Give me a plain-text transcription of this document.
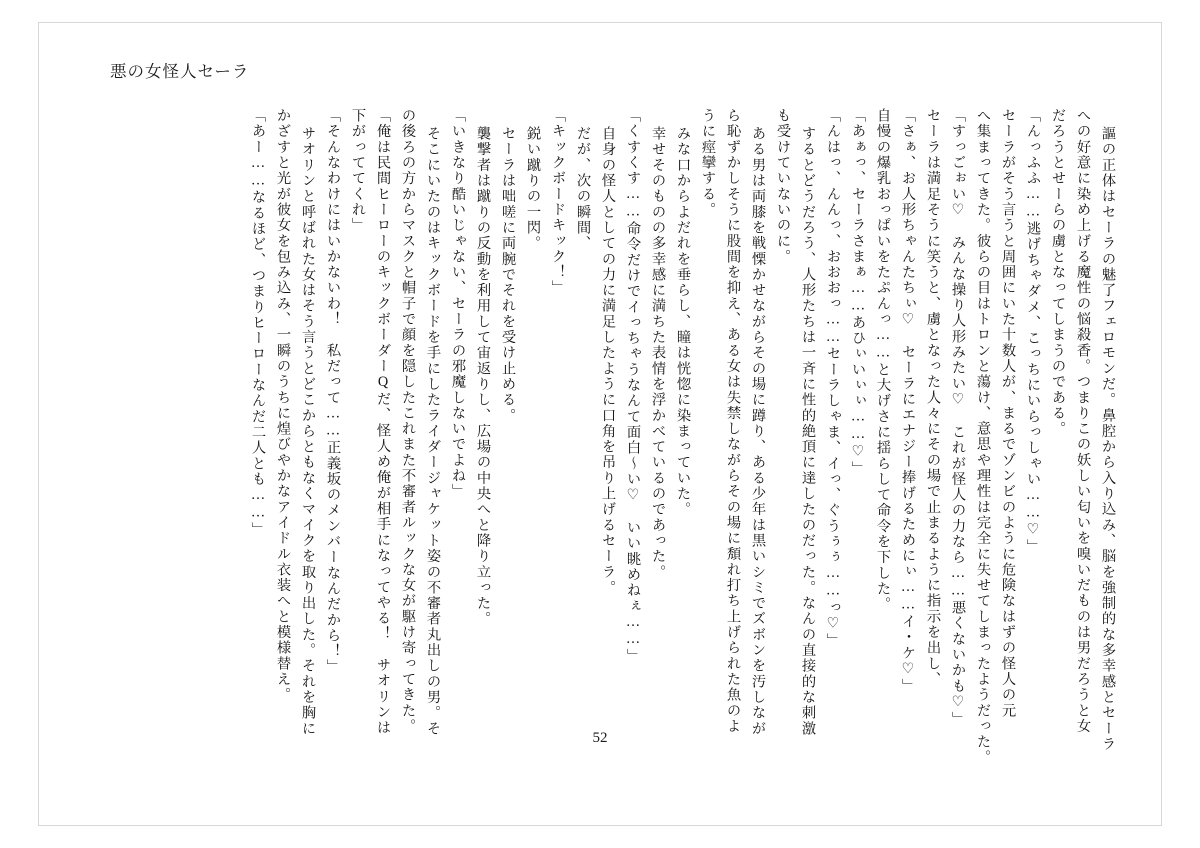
悪の女怪人セーラ
謳の正体はセーラの魅了フェロモンだ。鼻腔から入り込み、脳を強制的な多幸感とセーラ
への好意に染め上げる魔性の悩殺香。つまりこの妖しい匂いを嗅いだものは男だろうと女
だろうとせーらの虜となってしまうのである。
「んっふふ……逃げちゃダメ、こっちにいらっしゃい……♡」
セーラがそう言うと周囲にいた十数人が、まるでゾンビのように危険なはずの怪人の元
へ集まってきた。彼らの目はトロンと蕩け、意思や理性は完全に失せてしまったようだった。
「すっごぉい♡　みんな操り人形みたい♡　これが怪人の力なら……悪くないかも♡」
セーラは満足そうに笑うと、虜となった人々にその場で止まるように指示を出し、
「さぁ、お人形ちゃんたちぃ♡　セーラにエナジー捧げるためにぃ……イ・ケ♡」
自慢の爆乳おっぱいをたぷんっ……と大げさに揺らして命令を下した。
「あぁっ、セーラさまぁ……あひぃいぃぃ……♡」
「んはっ、んんっ、おおおっ……セーラしゃま、イっ、ぐうぅぅ……っ♡」
するとどうだろう、人形たちは一斉に性的絶頂に達したのだった。なんの直接的な刺激
も受けていないのに。
ある男は両膝を戦慄かせながらその場に蹲り、ある少年は黒いシミでズボンを汚しなが
ら恥ずかしそうに股間を抑え、ある女は失禁しながらその場に頽れ打ち上げられた魚のよ
うに痙攣する。
みな口からよだれを垂らし、瞳は恍惚に染まっていた。
幸せそのものの多幸感に満ちた表情を浮かべているのであった。
「くすくす……命令だけでイっちゃうなんて面白〜い♡　いい眺めねぇ……」
自身の怪人としての力に満足したように口角を吊り上げるセーラ。
だが、次の瞬間、
「キックボードキック！」
鋭い蹴りの一閃。
セーラは咄嗟に両腕でそれを受け止める。
襲撃者は蹴りの反動を利用して宙返りし、広場の中央へと降り立った。
「いきなり酷いじゃない、セーラの邪魔しないでよね」
そこにいたのはキックボードを手にしたライダージャケット姿の不審者丸出しの男。そ
の後ろの方からマスクと帽子で顔を隠したこれまた不審者ルックな女が駆け寄ってきた。
「俺は民間ヒーローのキックボーダーQだ、怪人め俺が相手になってやる！　サオリンは
下がっててくれ」
「そんなわけにはいかないわ！　私だって……正義坂のメンバーなんだから！」
サオリンと呼ばれた女はそう言うとどこからともなくマイクを取り出した。それを胸に
かざすと光が彼女を包み込み、一瞬のうちに煌びやかなアイドル衣装へと模様替え。
「あー……なるほど、つまりヒーローなんだ二人とも……」
52
